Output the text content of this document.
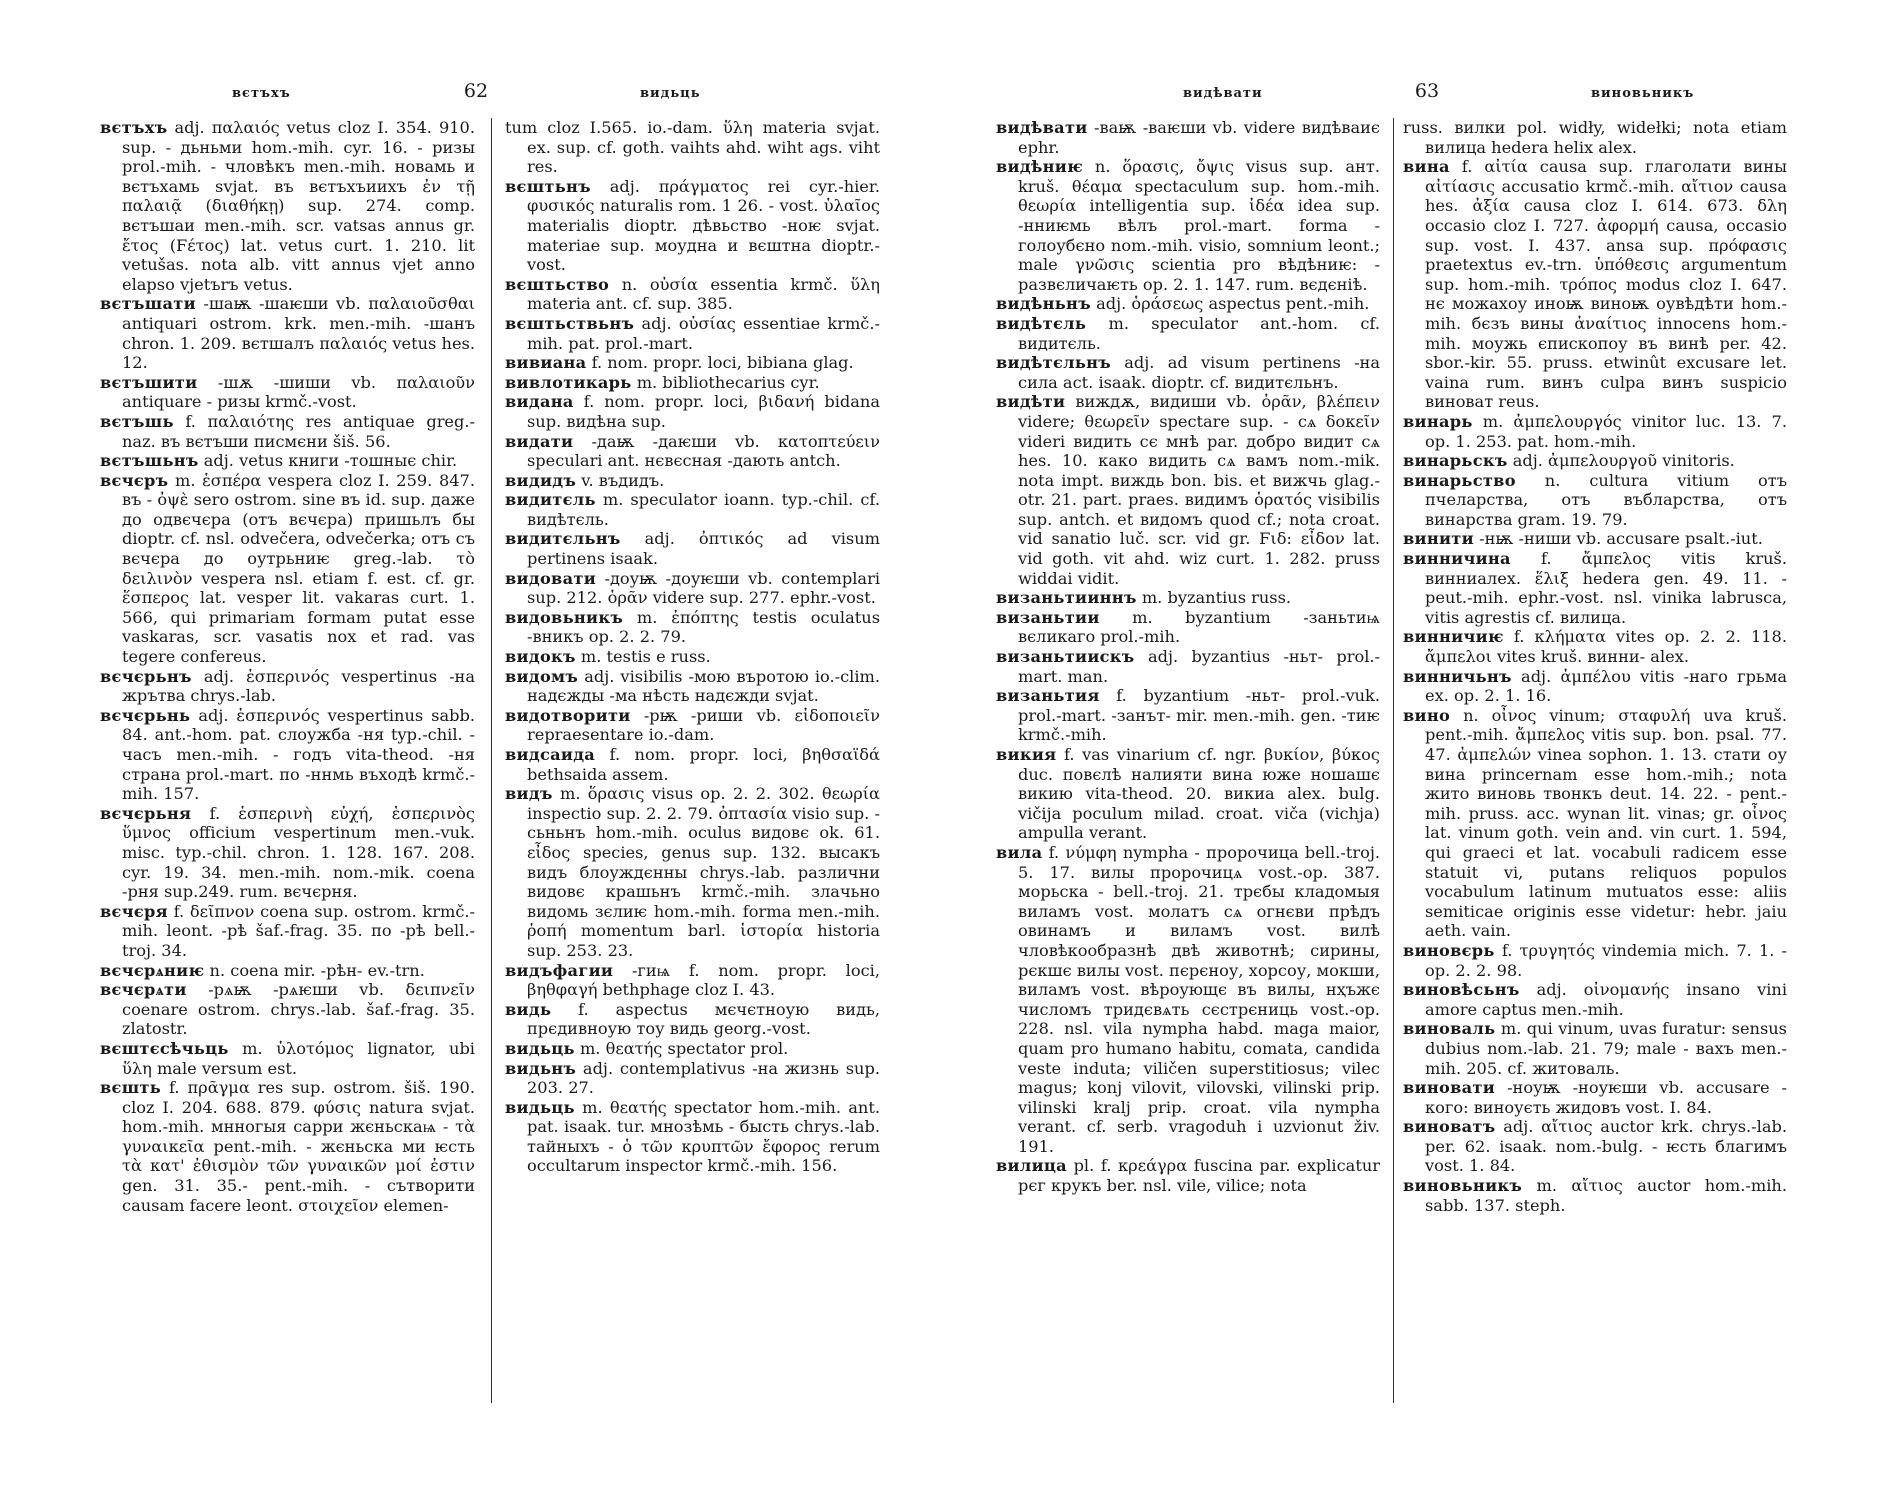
вєтъхъ	62	видьць

вєтъхъ adj. παλαιός vetus cloz I. 354. 910. sup. - дьньми hom.-mih. cyr. 16. - ризы prol.-mih. - чловѣкъ men.-mih. новамь и вєтъхамь svjat. въ вєтъхъиихъ ἐν τῇ παλαιᾷ (διαθήκῃ) sup. 274. comp. вєтъшаи men.-mih. scr. vatsas annus gr. ἔτος (Ϝέτος) lat. vetus curt. 1. 210. lit vetušas. nota alb. vitt annus vjet anno elapso vjetъrъ vetus.

вєтъшати -шаѭ -шаѥши vb. παλαιοῦσθαι antiquari ostrom. krk. men.-mih. -шанъ chron. 1. 209. вєтшалъ παλαιός vetus hes. 12.

вєтъшити -шѫ -шиши vb. παλαιοῦν antiquare - ризы krmč.-vost.

вєтъшь f. παλαιότης res antiquae greg.-naz. въ вєтъши писмєни šiš. 56.

вєтъшьнъ adj. vetus книги -тошныє chir.

вєчєръ m. ἑσπέρα vespera cloz I. 259. 847. въ - ὀψὲ sero ostrom. sine въ id. sup. даже до одвєчєра (отъ вєчєра) пришьлъ бы dioptr. cf. nsl. odvečera, odvečerka; отъ съ вєчєра до оутрьниѥ greg.-lab. τὸ δειλινὸν vespera nsl. etiam f. est. cf. gr. ἕσπερος lat. vesper lit. vakaras curt. 1. 566, qui primariam formam putat esse vaskaras, scr. vasatis nox et rad. vas tegere confereus.

вєчєрьнъ adj. ἑσπερινός vespertinus -на жрътва chrys.-lab.

вєчєрьнь adj. ἑσπερινός vespertinus sabb. 84. ant.-hom. pat. слоужба -ня typ.-chil. - часъ men.-mih. - годъ vita-theod. -ня страна prol.-mart. по -ннмь въходѣ krmč.-mih. 157.

вєчєрьня f. ἑσπερινὴ εὐχή, ἑσπερινὸς ὕμνος officium vespertinum men.-vuk. misc. typ.-chil. chron. 1. 128. 167. 208. cyr. 19. 34. men.-mih. nom.-mik. coena -рня sup.249. rum. вєчєрня.

вєчєря f. δεῖπνον coena sup. ostrom. krmč.-mih. leont. -рѣ šaf.-frag. 35. по -рѣ bell.-troj. 34.

вєчєрѧниѥ n. coena mir. -рѣн- ev.-trn.

вєчєрѧти -рѧѭ -рѧѥши vb. δειπνεῖν coenare ostrom. chrys.-lab. šaf.-frag. 35. zlatostr.

вєштєсѣчьць m. ὑλοτόμος lignator, ubi ὕλη male versum est.

вєшть f. πρᾶγμα res sup. ostrom. šiš. 190. cloz I. 204. 688. 879. φύσις natura svjat. hom.-mih. мнногыя сарри жєньскаѩ - τὰ γυναικεῖα pent.-mih. - жєньска ми ѥсть τὰ κατ' ἐθισμὸν τῶν γυναικῶν μοί ἐστιν gen. 31. 35.- pent.-mih. - сътворити causam facere leont. στοιχεῖον elemen-

tum cloz I.565. io.-dam. ὕλη materia svjat. ex. sup. cf. goth. vaihts ahd. wiht ags. viht res.

вєштьнъ adj. πράγματος rei cyr.-hier. φυσικός naturalis rom. 1 26. - vost. ὑλαῖος materialis dioptr. дѣвьство -ноѥ svjat. materiae sup. моудна и вєштна dioptr.-vost.

вєштьство n. οὐσία essentia krmč. ὕλη materia ant. cf. sup. 385.

вєштьствьнъ adj. οὐσίας essentiae krmč.-mih. pat. prol.-mart.

вивиана f. nom. propr. loci, bibiana glag.

вивлотикарь m. bibliothecarius cyr.

видана f. nom. propr. loci, βιδανή bidana sup. видѣна sup.

видати -даѭ -даѥши vb. κατοπτεύειν speculari ant. нєвєсная -дають antch.

видидъ v. въдидъ.

видитєль m. speculator ioann. typ.-chil. cf. видѣтєль.

видитєльнъ adj. ὀπτικός ad visum pertinens isaak.

видовати -доуѭ -доуѥши vb. contemplari sup. 212. ὁρᾶν videre sup. 277. ephr.-vost.

видовьникъ m. ἐπόπτης testis oculatus -вникъ op. 2. 2. 79.

видокъ m. testis e russ.

видомъ adj. visibilis -мою въротою io.-clim. надєжды -ма нѣсть надєжди svjat.

видотворити -рѭ -риши vb. εἰδοποιεῖν repraesentare io.-dam.

видсаида f. nom. propr. loci, βηθσαϊδά bethsaida assem.

видъ m. ὅρασις visus op. 2. 2. 302. θεωρία inspectio sup. 2. 2. 79. ὀπτασία visio sup. - сьньнъ hom.-mih. oculus видовє ok. 61. εἶδος species, genus sup. 132. высакъ видъ блоуждєнны chrys.-lab. различни видовє крашьнъ krmč.-mih. злачьно видомь зєлиѥ hom.-mih. forma men.-mih. ῥοπή momentum barl. ἱστορία historia sup. 253. 23.

видъфагии -гиѩ f. nom. propr. loci, βηθφαγή bethphage cloz I. 43.

видь f. aspectus мєчєтноую видь, прєдивноую тоу видь georg.-vost.

видьць m. θεατής spectator prol.

видьнъ adj. contemplativus -на жизнь sup. 203. 27.

видьць m. θεατής spectator hom.-mih. ant. pat. isaak. tur. мнозѣмь - бысть chrys.-lab. тайныхъ - ὁ τῶν κρυπτῶν ἔφορος rerum occultarum inspector krmč.-mih. 156.

видѣвати	63	виновьникъ

видѣвати -ваѭ -ваѥши vb. videre видѣваиє ephr.

видѣниѥ n. ὅρασις, ὄψις visus sup. ант. kruš. θέαμα spectaculum sup. hom.-mih. θεωρία intelligentia sup. ἰδέα idea sup. -нниѥмь вѣлъ prol.-mart. forma - голоубєно nom.-mih. visio, somnium leont.; male γνῶσις scientia pro вѣдѣниѥ: - развєличаѥть op. 2. 1. 147. rum. вєдєніѣ.

видѣньнъ adj. ὁράσεως aspectus pent.-mih.

видѣтєль m. speculator ant.-hom. cf. видитєль.

видѣтєльнъ adj. ad visum pertinens -на сила act. isaak. dioptr. cf. видитєльнъ.

видѣти виждѫ, видиши vb. ὁρᾶν, βλέπειν videre; θεωρεῖν spectare sup. - сѧ δοκεῖν videri видить сє мнѣ par. добро видит сѧ hes. 10. како видить сѧ вамъ nom.-mik. nota impt. виждь bon. bis. et вижчь glag.-otr. 21. part. praes. видимъ ὁρατός visibilis sup. antch. et видомъ quod cf.; nota croat. vid sanatio luč. scr. vid gr. Ϝιδ: εἶδον lat. vid goth. vit ahd. wiz curt. 1. 282. pruss widdai vidit.

визаньтииннъ m. byzantius russ.

визаньтии m. byzantium -заньтиѩ вєликаго prol.-mih.

визаньтиискъ adj. byzantius -ньт- prol.-mart. man.

визаньтия f. byzantium -ньт- prol.-vuk. prol.-mart. -занът- mir. men.-mih. gen. -тиѥ krmč.-mih.

викия f. vas vinarium cf. ngr. βυκίον, βύκος duc. повєлѣ налияти вина юже ношашє викию vita-theod. 20. викиа alex. bulg. vičija poculum milad. croat. viča (vichja) ampulla verant.

вила f. νύμφη nympha - пророчица bell.-troj. 5. 17. вилы пророчицѧ vost.-op. 387. морьска - bell.-troj. 21. трєбы кладомыя виламъ vost. молатъ сѧ огнєви прѣдъ овинамъ и виламъ vost. вилѣ чловѣкообразнѣ двѣ животнѣ; сирины, рєкшє вилы vost. пєрєноу, хорсоу, мокши, виламъ vost. вѣроующє въ вилы, нҳъжє числомъ тридєвѧть сєстрєниць vost.-op. 228. nsl. vila nympha habd. maga maior, quam pro humano habitu, comata, candida veste induta; viličen superstitiosus; vilec magus; konj vilovit, vilovski, vilinski prip. vilinski kralj prip. croat. vila nympha verant. cf. serb. vragoduh i uzvionut živ. 191.

вилица pl. f. κρεάγρα fuscina par. explicatur рєг крукъ ber. nsl. vile, vilice; nota

russ. вилки pol. widły, widełki; nota etiam вилица hedera helix alex.

вина f. αἰτία causa sup. глаголати вины αἰτίασις accusatio krmč.-mih. αἴτιον causa hes. ἀξία causa cloz I. 614. 673. δλη occasio cloz I. 727. ἀφορμή causa, occasio sup. vost. I. 437. ansa sup. πρόφασις praetextus ev.-trn. ὑπόθεσις argumentum sup. hom.-mih. τρόπος modus cloz I. 647. нє можахоу иноѭ виноѭ оувѣдѣти hom.-mih. бєзъ вины ἀναίτιος innocens hom.-mih. моужь єпископоу въ винѣ per. 42. sbor.-kir. 55. pruss. etwinût excusare let. vaina rum. винъ culpa винъ suspicio виноват reus.

винарь m. ἀμπελουργός vinitor luc. 13. 7. op. 1. 253. pat. hom.-mih.

винарьскъ adj. ἀμπελουργοῦ vinitoris.

винарьство n. cultura vitium отъ пчеларства, отъ въбларства, отъ винарства gram. 19. 79.

винити -нѭ -ниши vb. accusare psalt.-iut.

винничина f. ἄμπελος vitis kruš. винниалex. ἕλιξ hedera gen. 49. 11. - peut.-mih. ephr.-vost. nsl. vinika labrusca, vitis agrestis cf. вилица.

винничиѥ f. κλήματα vites op. 2. 2. 118. ἄμπελοι vites kruš. винни- alex.

винничьнъ adj. ἀμπέλου vitis -наго грьма ex. op. 2. 1. 16.

вино n. οἶνος vinum; σταφυλή uva kruš. pent.-mih. ἄμπελος vitis sup. bon. psal. 77. 47. ἀμπελών vinea sophon. 1. 13. стати оу вина princernam esse hom.-mih.; nota жито виновь твонкъ deut. 14. 22. - pent.-mih. pruss. acc. wynan lit. vinas; gr. οἶνος lat. vinum goth. vein and. vin curt. 1. 594, qui graeci et lat. vocabuli radicem esse statuit vi, putans reliquos populos vocabulum latinum mutuatos esse: aliis semiticae originis esse videtur: hebr. jaiu aeth. vain.

виновєрь f. τρυγητός vindemia mich. 7. 1. - op. 2. 2. 98.

виновѣсьнъ adj. οἰνομανής insano vini amore captus men.-mih.

виноваль m. qui vinum, uvas furatur: sensus dubius nom.-lab. 21. 79; male - вахъ men.-mih. 205. cf. житоваль.

виновати -ноуѭ -ноуѥши vb. accusare - кого: виноуєть жидовъ vost. I. 84.

виноватъ adj. αἴτιος auctor krk. chrys.-lab. per. 62. isaak. nom.-bulg. - ѥсть благимъ vost. 1. 84.

виновьникъ m. αἴτιος auctor hom.-mih. sabb. 137. steph.
